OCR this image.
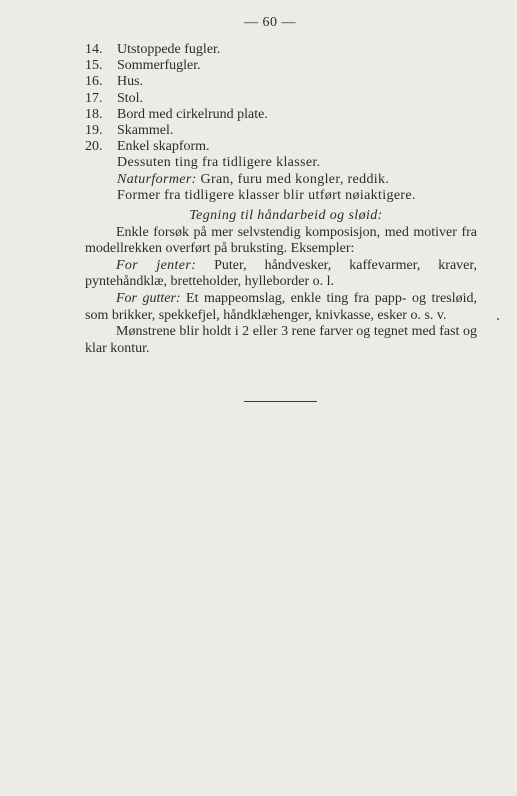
— 60 —
14.	Utstoppede fugler.
15.	Sommerfugler.
16.	Hus.
17.	Stol.
18.	Bord med cirkelrund plate.
19.	Skammel.
20.	Enkel skapform.
Dessuten ting fra tidligere klasser.
Naturformer: Gran, furu med kongler, reddik.
Former fra tidligere klasser blir utført nøiaktigere.
Tegning til håndarbeid og sløid:

Enkle forsøk på mer selvstendig komposisjon, med motiver fra modellrekken overført på bruksting. Eksempler:

For jenter: Puter, håndvesker, kaffevarmer, kraver, pyntehåndklæ, bretteholder, hylleborder o. l.

For gutter: Et mappeomslag, enkle ting fra papp- og tresløid, som brikker, spekkefjel, håndklæhenger, knivkasse, esker o. s. v.

Mønstrene blir holdt i 2 eller 3 rene farver og tegnet med fast og klar kontur.
